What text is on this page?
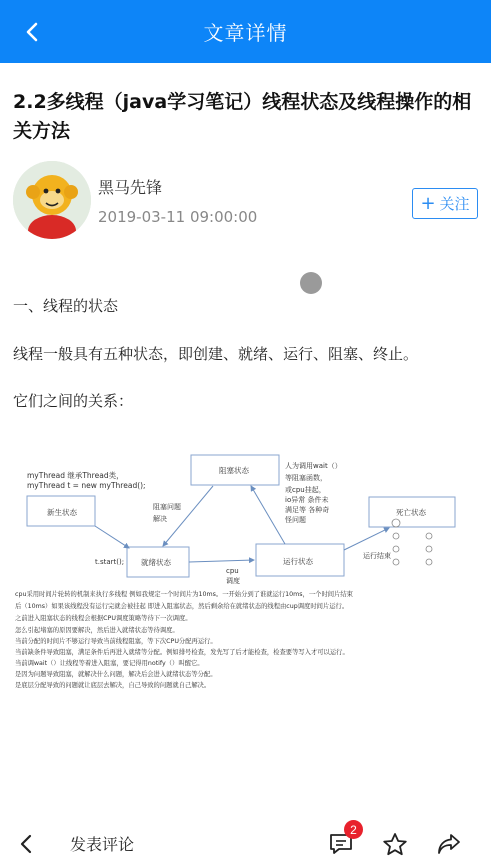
文章详情
2.2多线程（java学习笔记）线程状态及线程操作的相关方法
黑马先锋
2019-03-11 09:00:00
+ 关注
一、线程的状态
线程一般具有五种状态，即创建、就绪、运行、阻塞、终止。
它们之间的关系：
myThread 继承Thread类，
myThread t = new myThread();
新生状态
阻塞状态
就绪状态	运行状态
死亡状态
t.start();
cpu
调度
阻塞问题
解决
人为调用wait（）
等阻塞函数，
或cpu挂起，
io异常 条件未
满足等 各种奇
怪问题
运行结束
cpu采用时间片轮转的机制来执行多线程 例如我规定一个时间片为10ms。一开始分到了谁就运行10ms，一个时间片结束
后（10ms）如果该线程没有运行完就会被挂起 即进入阻塞状态，然后剩余给在就绪状态的线程由cup调度时间片运行。
之前进入阻塞状态的线程会根据CPU调度策略等待下一次调度。
怎么引起堵塞的原因要解决，然后进入就绪状态等待调度。
当前分配的时间片不够运行导致当前线程阻塞，等下次CPU分配再运行。
当前缺条件导致阻塞，满足条件后再进入就绪等分配。例如排号检查，发先写了后才能检查，检查要等写入才可以运行。
当前调wait（）让线程等着进入阻塞，要记得用notify（）叫醒它。
是因为问题导致阻塞，就解决什么问题，解决后会进入就绪状态等分配。
是底层分配导致的问题就让底层去解决，自己导致的问题就自己解决。
发表评论
2
